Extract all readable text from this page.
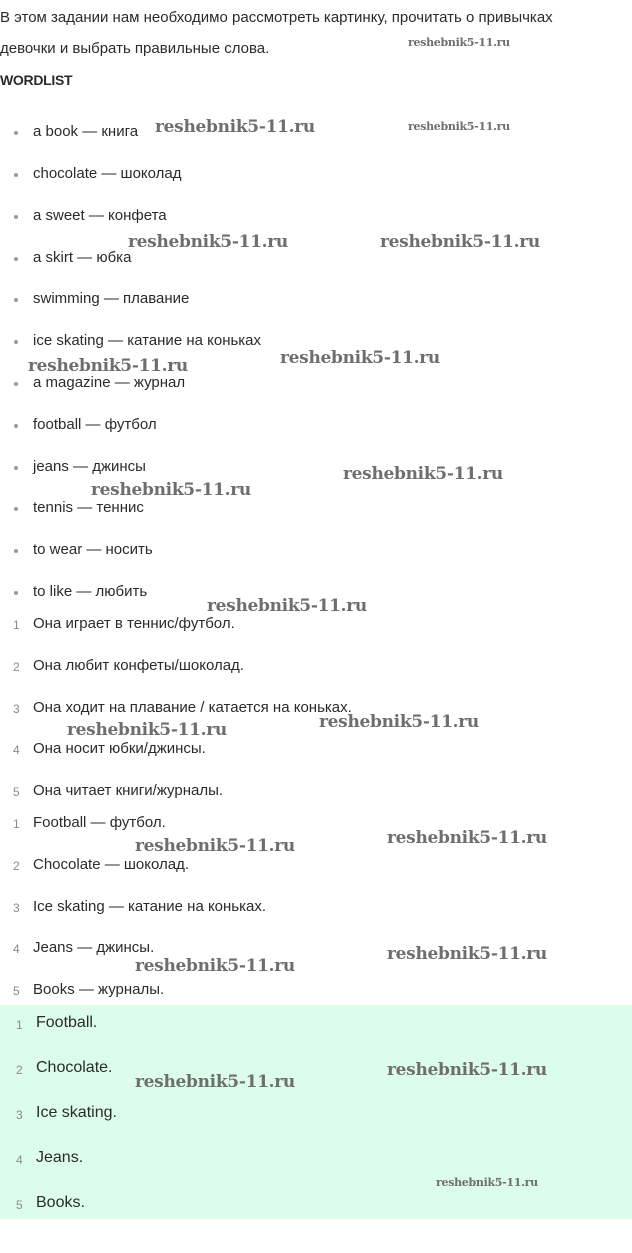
В этом задании нам необходимо рассмотреть картинку, прочитать о привычках девочки и выбрать правильные слова.
WORDLIST
a book — книга
chocolate — шоколад
a sweet — конфета
a skirt — юбка
swimming — плавание
ice skating — катание на коньках
a magazine — журнал
football — футбол
jeans — джинсы
tennis — теннис
to wear — носить
to like — любить
1 Она играет в теннис/футбол.
2 Она любит конфеты/шоколад.
3 Она ходит на плавание / катается на коньках.
4 Она носит юбки/джинсы.
5 Она читает книги/журналы.
1 Football — футбол.
2 Chocolate — шоколад.
3 Ice skating — катание на коньках.
4 Jeans — джинсы.
5 Books — журналы.
1 Football.
2 Chocolate.
3 Ice skating.
4 Jeans.
5 Books.
reshebnik5-11.ru
reshebnik5-11.ru	reshebnik5-11.ru
reshebnik5-11.ru	reshebnik5-11.ru
reshebnik5-11.ru
reshebnik5-11.ru
reshebnik5-11.ru
reshebnik5-11.ru
reshebnik5-11.ru
reshebnik5-11.ru
reshebnik5-11.ru
reshebnik5-11.ru
reshebnik5-11.ru
reshebnik5-11.ru
reshebnik5-11.ru
reshebnik5-11.ru
reshebnik5-11.ru
reshebnik5-11.ru
